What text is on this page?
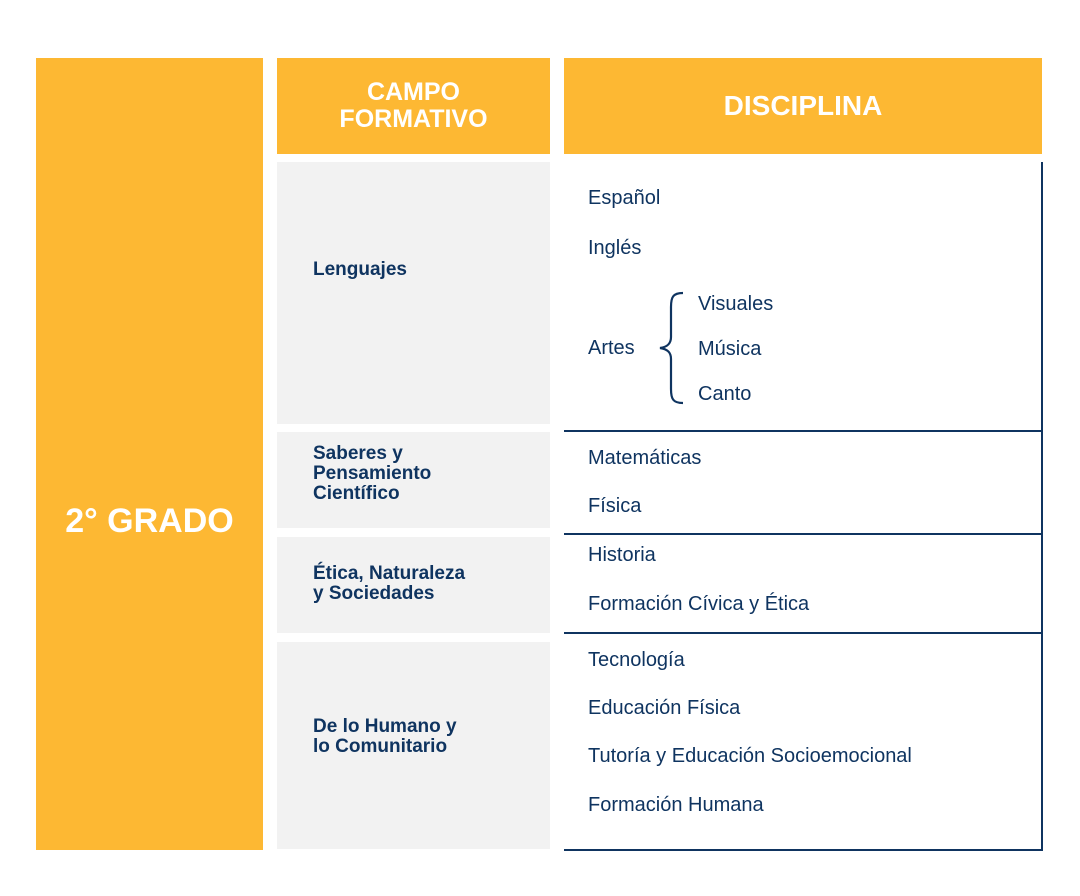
2° GRADO
CAMPO
FORMATIVO	DISCIPLINA
Lenguajes
Saberes y
Pensamiento
Científico
Ética, Naturaleza
y Sociedades
De lo Humano y
lo Comunitario
Español
Inglés
Artes
Visuales
Música
Canto
Matemáticas
Física
Historia
Formación Cívica y Ética
Tecnología
Educación Física
Tutoría y Educación Socioemocional
Formación Humana
